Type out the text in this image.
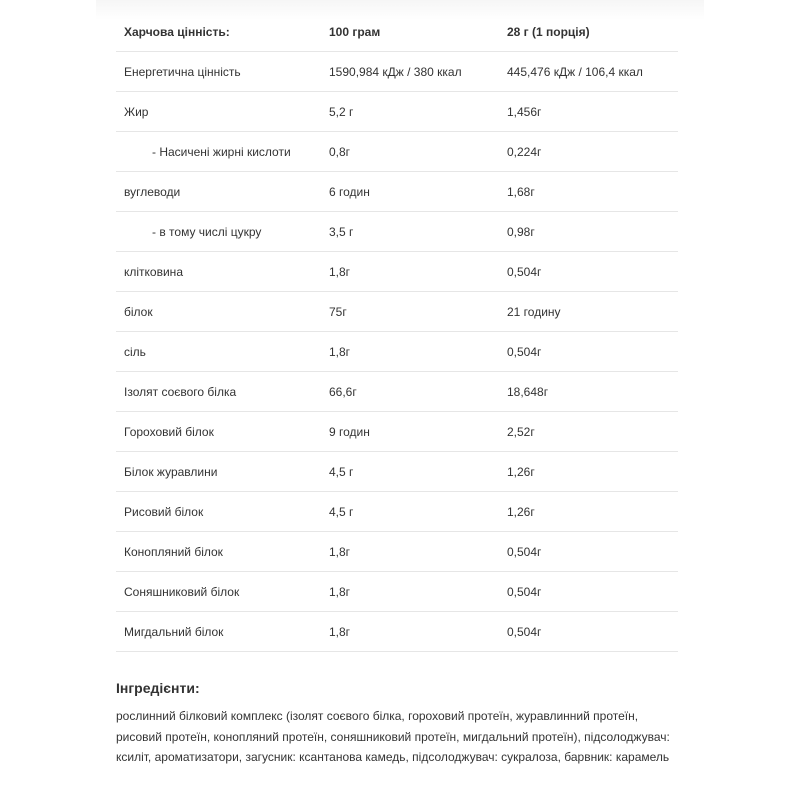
Харчова цінність:	100 грам	28 г (1 порція)
Енергетична цінність	1590,984 кДж / 380 ккал	445,476 кДж / 106,4 ккал
Жир	5,2 г	1,456г
- Насичені жирні кислоти	0,8г	0,224г
вуглеводи	6 годин	1,68г
- в тому числі цукру	3,5 г	0,98г
клітковина	1,8г	0,504г
білок	75г	21 годину
сіль	1,8г	0,504г
Ізолят соєвого білка	66,6г	18,648г
Гороховий білок	9 годин	2,52г
Білок журавлини	4,5 г	1,26г
Рисовий білок	4,5 г	1,26г
Конопляний білок	1,8г	0,504г
Соняшниковий білок	1,8г	0,504г
Мигдальний білок	1,8г	0,504г
Інгредієнти:

рослинний білковий комплекс (ізолят соєвого білка, гороховий протеїн, журавлинний протеїн, рисовий протеїн, конопляний протеїн, соняшниковий протеїн, мигдальний протеїн), підсолоджувач: ксиліт, ароматизатори, загусник: ксантанова камедь, підсолоджувач: сукралоза, барвник: карамель
